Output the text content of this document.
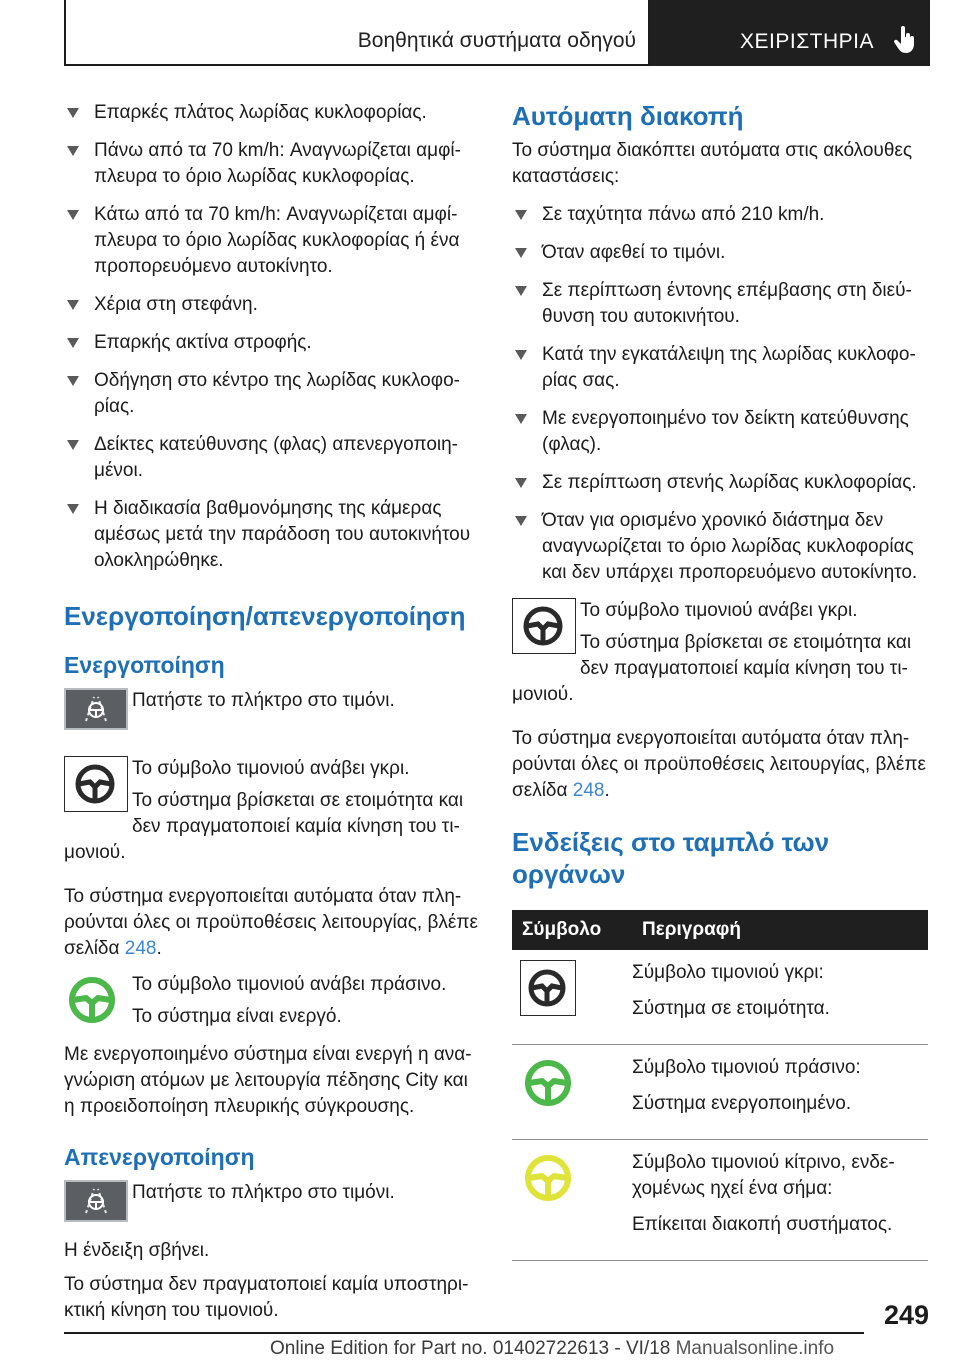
Βοηθητικά συστήματα οδηγού	ΧΕΙΡΙΣΤΗΡΙΑ
Επαρκές πλάτος λωρίδας κυκλοφορίας.
Πάνω από τα 70 km/h: Αναγνωρίζεται αμφί-πλευρα το όριο λωρίδας κυκλοφορίας.
Κάτω από τα 70 km/h: Αναγνωρίζεται αμφί-πλευρα το όριο λωρίδας κυκλοφορίας ή ένα προπορευόμενο αυτοκίνητο.
Χέρια στη στεφάνη.
Επαρκής ακτίνα στροφής.
Οδήγηση στο κέντρο της λωρίδας κυκλοφο-ρίας.
Δείκτες κατεύθυνσης (φλας) απενεργοποιη-μένοι.
Η διαδικασία βαθμονόμησης της κάμερας αμέσως μετά την παράδοση του αυτοκινήτου ολοκληρώθηκε.
Ενεργοποίηση/απενεργοποίηση
Ενεργοποίηση

Πατήστε το πλήκτρο στο τιμόνι.

Το σύμβολο τιμονιού ανάβει γκρι.

Το σύστημα βρίσκεται σε ετοιμότητα και δεν πραγματοποιεί καμία κίνηση του τι-μονιού.

Το σύστημα ενεργοποιείται αυτόματα όταν πλη-ρούνται όλες οι προϋποθέσεις λειτουργίας, βλέπε σελίδα 248.

Το σύμβολο τιμονιού ανάβει πράσινο.

Το σύστημα είναι ενεργό.

Με ενεργοποιημένο σύστημα είναι ενεργή η ανα-γνώριση ατόμων με λειτουργία πέδησης City και η προειδοποίηση πλευρικής σύγκρουσης.

Απενεργοποίηση

Πατήστε το πλήκτρο στο τιμόνι.

Η ένδειξη σβήνει.

Το σύστημα δεν πραγματοποιεί καμία υποστηρι-κτική κίνηση του τιμονιού.

Αυτόματη διακοπή

Το σύστημα διακόπτει αυτόματα στις ακόλουθες καταστάσεις:

Σε ταχύτητα πάνω από 210 km/h.
Όταν αφεθεί το τιμόνι.
Σε περίπτωση έντονης επέμβασης στη διεύ-θυνση του αυτοκινήτου.
Κατά την εγκατάλειψη της λωρίδας κυκλοφο-ρίας σας.
Με ενεργοποιημένο τον δείκτη κατεύθυνσης (φλας).
Σε περίπτωση στενής λωρίδας κυκλοφορίας.
Όταν για ορισμένο χρονικό διάστημα δεν αναγνωρίζεται το όριο λωρίδας κυκλοφορίας και δεν υπάρχει προπορευόμενο αυτοκίνητο.

Το σύμβολο τιμονιού ανάβει γκρι.

Το σύστημα βρίσκεται σε ετοιμότητα και δεν πραγματοποιεί καμία κίνηση του τι-μονιού.

Το σύστημα ενεργοποιείται αυτόματα όταν πλη-ρούνται όλες οι προϋποθέσεις λειτουργίας, βλέπε σελίδα 248.

Ενδείξεις στο ταμπλό των οργάνων
Σύμβολο	Περιγραφή

Σύμβολο τιμονιού γκρι:

Σύστημα σε ετοιμότητα.

Σύμβολο τιμονιού πράσινο:

Σύστημα ενεργοποιημένο.

Σύμβολο τιμονιού κίτρινο, ενδε-χομένως ηχεί ένα σήμα:

Επίκειται διακοπή συστήματος.

249
Online Edition for Part no. 01402722613 - VI/18 Manualsonline.info
